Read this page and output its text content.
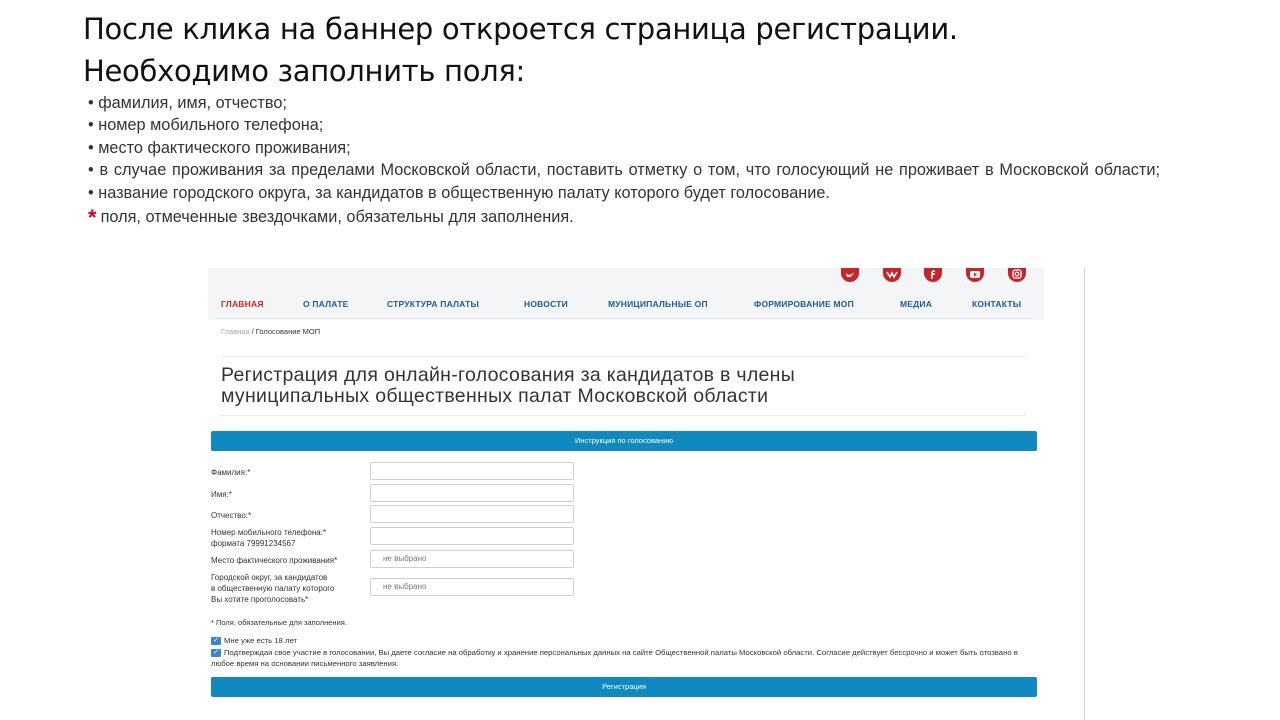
После клика на баннер откроется страница регистрации.
Необходимо заполнить поля:
• фамилия, имя, отчество;
• номер мобильного телефона;
• место фактического проживания;
• в случае проживания за пределами Московской области, поставить отметку о том, что голосующий не проживает в Московской области;
• название городского округа, за кандидатов в общественную палату которого будет голосование.
* поля, отмеченные звездочками, обязательны для заполнения.
ГЛАВНАЯ	О ПАЛАТЕ	СТРУКТУРА ПАЛАТЫ	НОВОСТИ	МУНИЦИПАЛЬНЫЕ ОП	ФОРМИРОВАНИЕ МОП	МЕДИА	КОНТАКТЫ
Главная / Голосование МОП
Регистрация для онлайн-голосования за кандидатов в члены
муниципальных общественных палат Московской области
Инструкция по голосованию
Фамилия:*
Имя:*
Отчество:*
Номер мобильного телефона:*
формата 79991234567
Место фактического проживания*	не выбрано
Городской округ, за кандидатов
в общественную палату которого
Вы хотите проголосовать*
не выбрано
* Поля, обязательные для заполнения.
✓ Мне уже есть 18 лет
✓ Подтверждая свое участие в голосовании, Вы даете согласие на обработку и хранение персональных данных на сайте Общественной палаты Московской области. Согласие действует бессрочно и может быть отозвано в любое время на основании письменного заявления.
Регистрация
